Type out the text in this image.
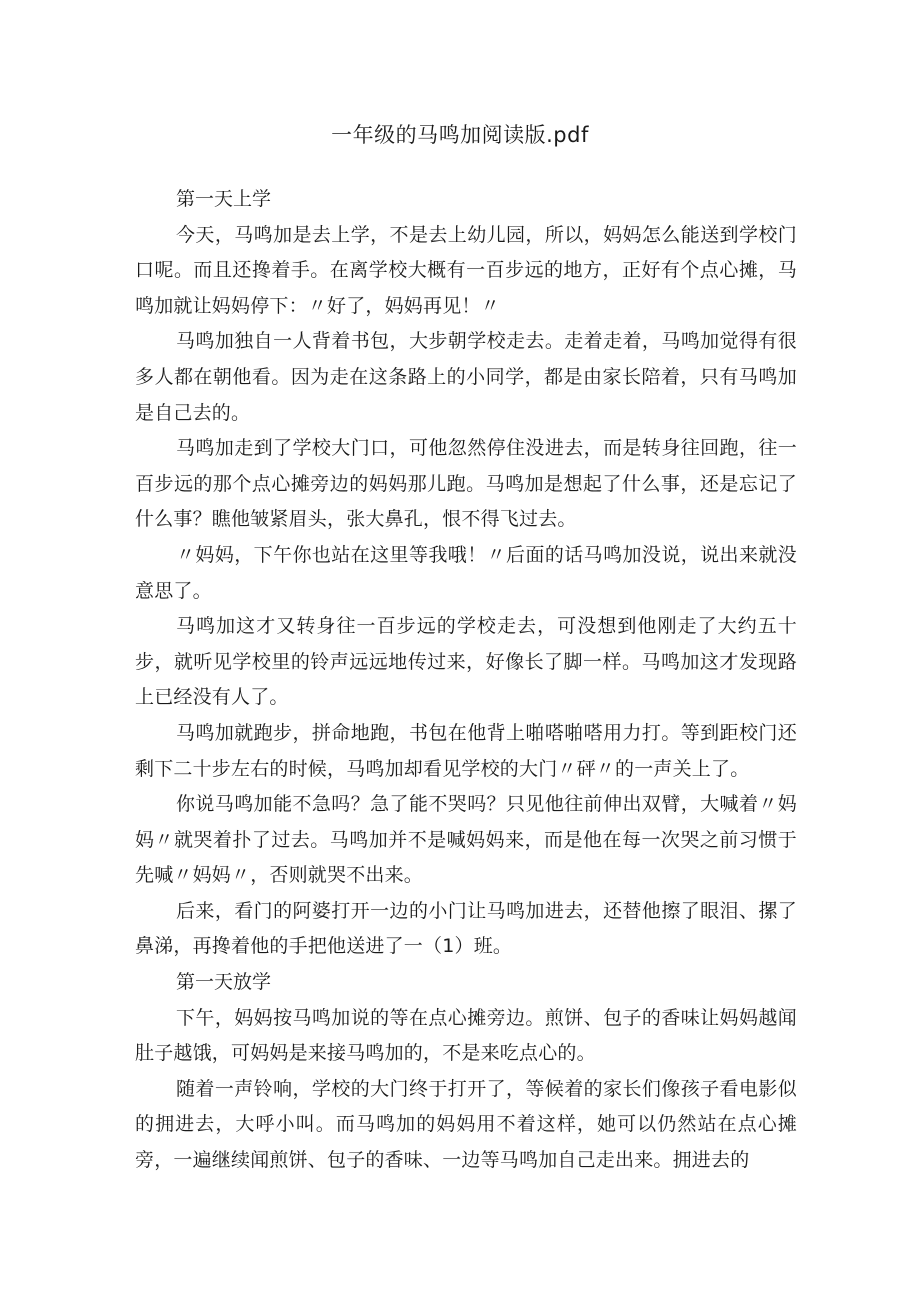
一年级的马鸣加阅读版.pdf

第一天上学

今天，马鸣加是去上学，不是去上幼儿园，所以，妈妈怎么能送到学校门口呢。而且还搀着手。在离学校大概有一百步远的地方，正好有个点心摊，马鸣加就让妈妈停下：〃好了，妈妈再见！〃

马鸣加独自一人背着书包，大步朝学校走去。走着走着，马鸣加觉得有很多人都在朝他看。因为走在这条路上的小同学，都是由家长陪着，只有马鸣加是自己去的。

马鸣加走到了学校大门口，可他忽然停住没进去，而是转身往回跑，往一百步远的那个点心摊旁边的妈妈那儿跑。马鸣加是想起了什么事，还是忘记了什么事？瞧他皱紧眉头，张大鼻孔，恨不得飞过去。

〃妈妈，下午你也站在这里等我哦！〃后面的话马鸣加没说，说出来就没意思了。

马鸣加这才又转身往一百步远的学校走去，可没想到他刚走了大约五十步，就听见学校里的铃声远远地传过来，好像长了脚一样。马鸣加这才发现路上已经没有人了。

马鸣加就跑步，拼命地跑，书包在他背上啪嗒啪嗒用力打。等到距校门还剩下二十步左右的时候，马鸣加却看见学校的大门〃砰〃的一声关上了。

你说马鸣加能不急吗？急了能不哭吗？只见他往前伸出双臂，大喊着〃妈妈〃就哭着扑了过去。马鸣加并不是喊妈妈来，而是他在每一次哭之前习惯于先喊〃妈妈〃，否则就哭不出来。

后来，看门的阿婆打开一边的小门让马鸣加进去，还替他擦了眼泪、摞了鼻涕，再搀着他的手把他送进了一（1）班。

第一天放学

下午，妈妈按马鸣加说的等在点心摊旁边。煎饼、包子的香味让妈妈越闻肚子越饿，可妈妈是来接马鸣加的，不是来吃点心的。

随着一声铃响，学校的大门终于打开了，等候着的家长们像孩子看电影似的拥进去，大呼小叫。而马鸣加的妈妈用不着这样，她可以仍然站在点心摊旁，一遍继续闻煎饼、包子的香味、一边等马鸣加自己走出来。拥进去的
